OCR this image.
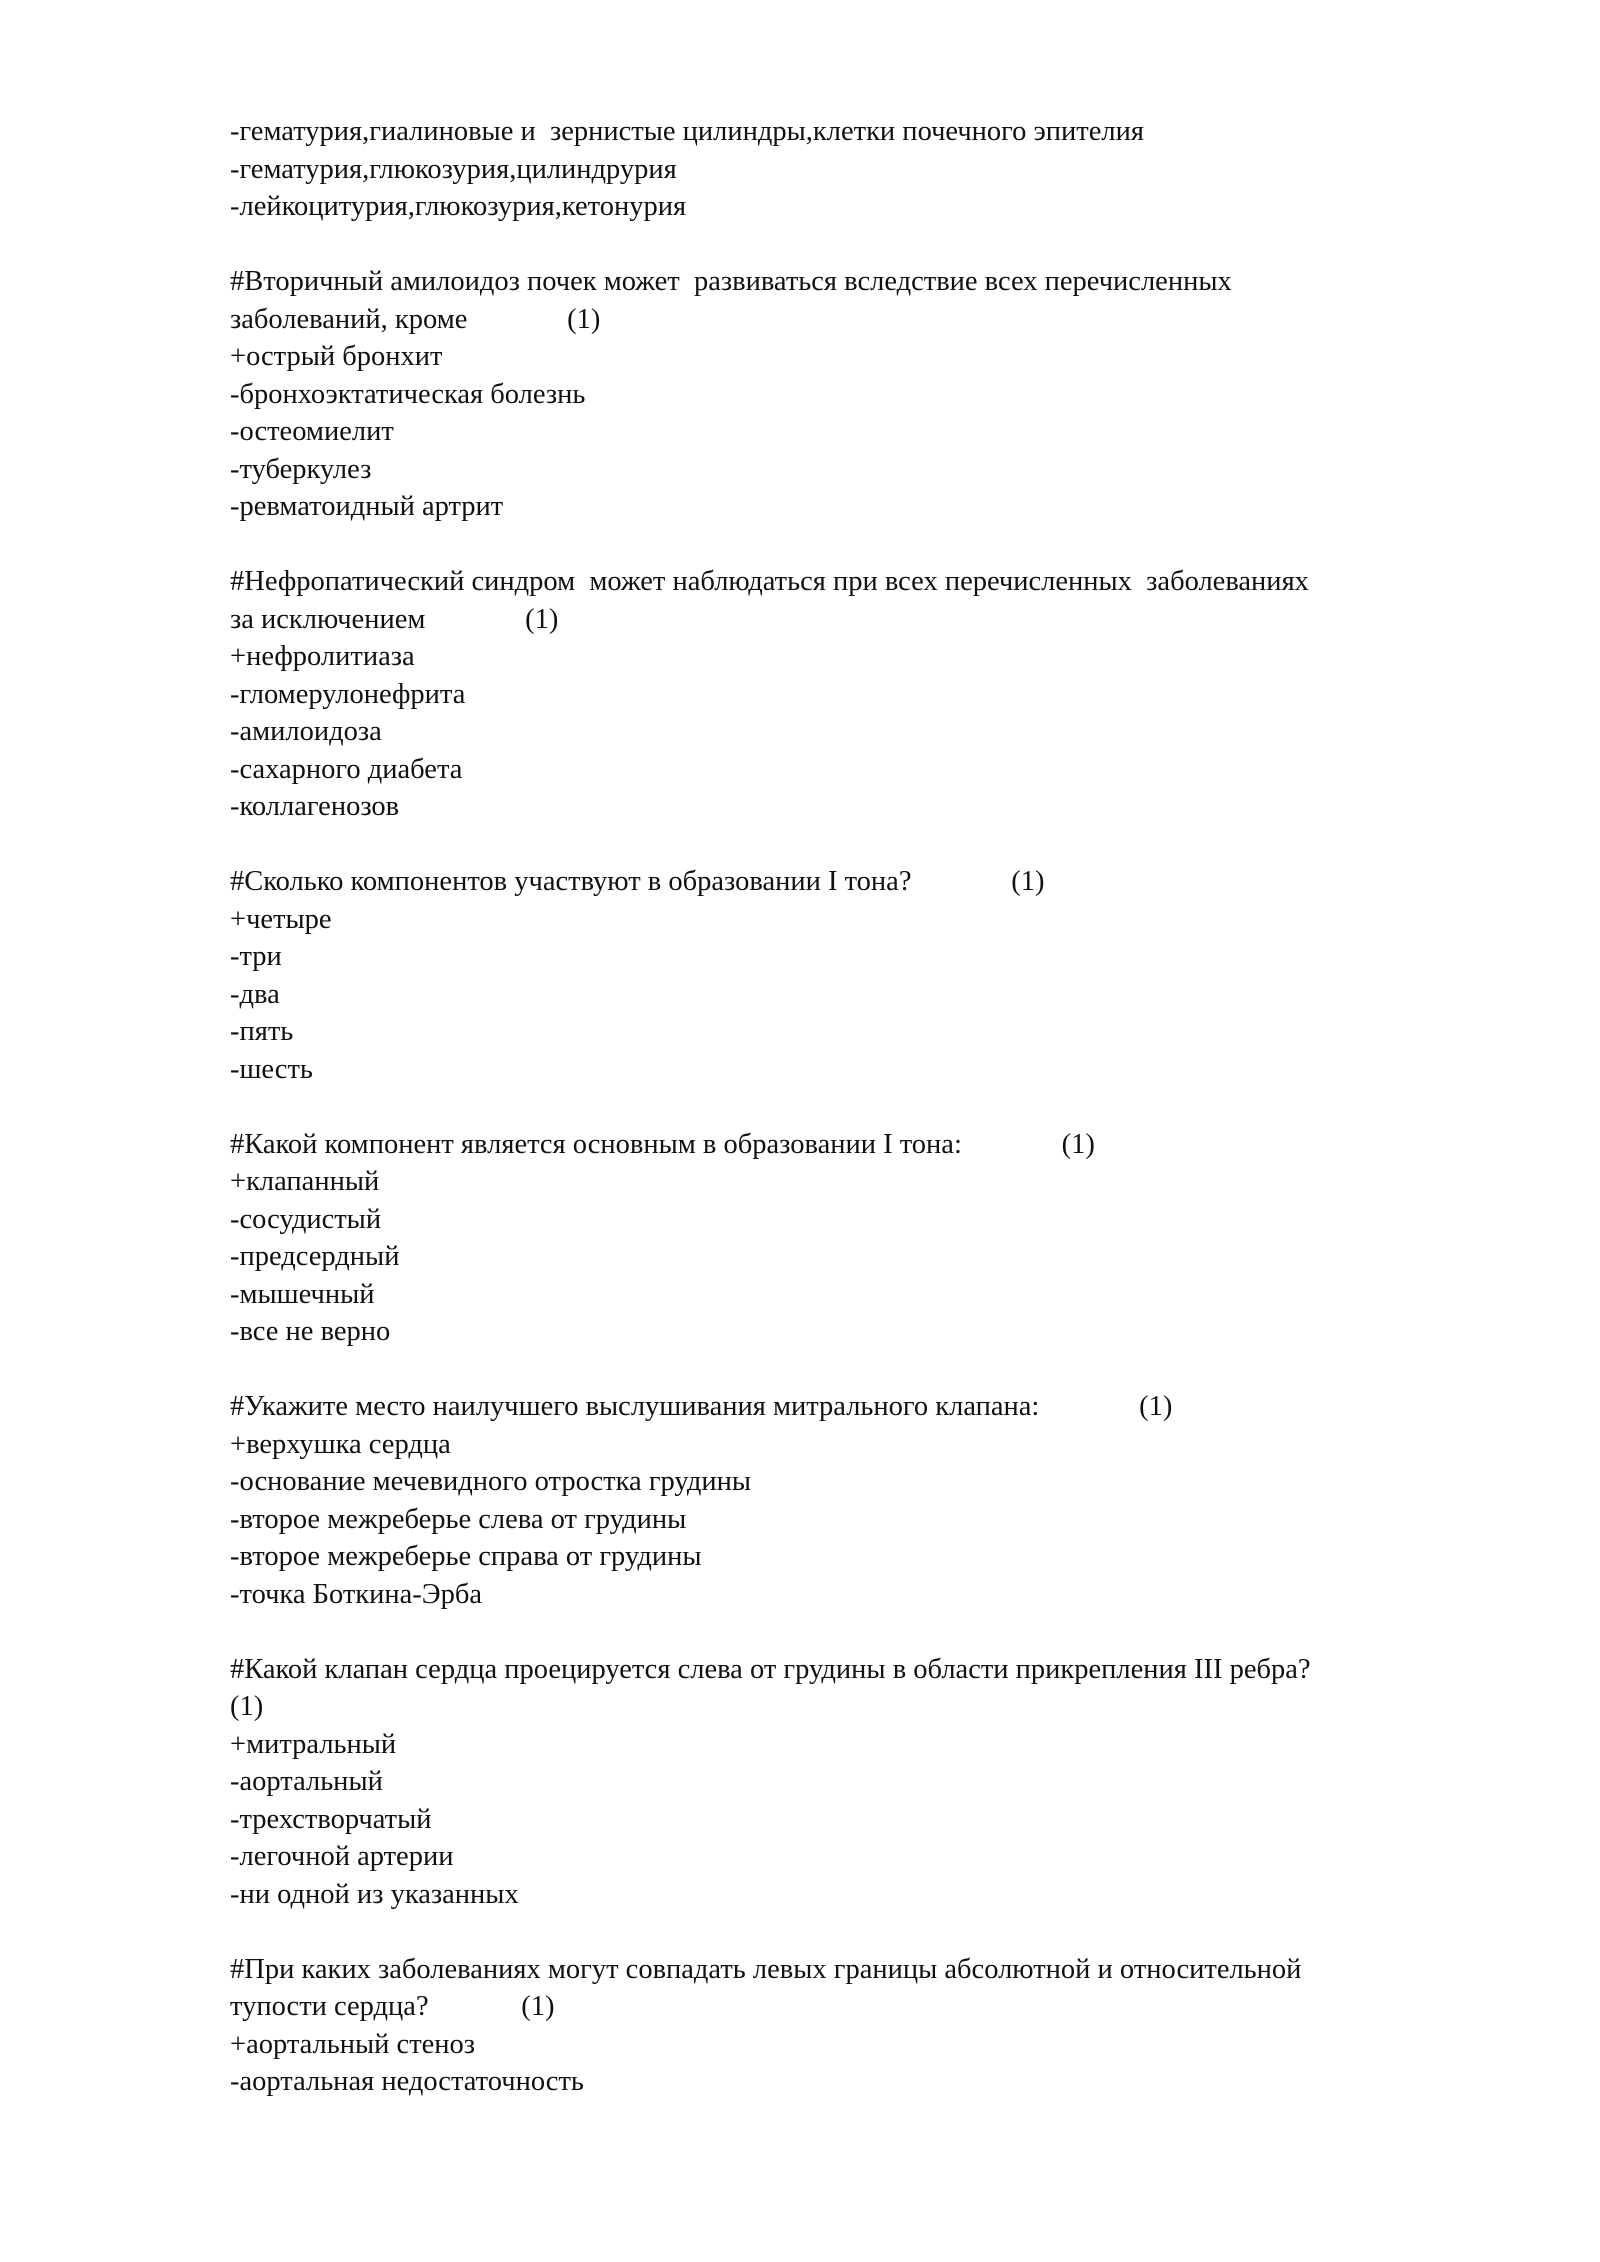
-гематурия,гиалиновые и  зернистые цилиндры,клетки почечного эпителия
-гематурия,глюкозурия,цилиндрурия
-лейкоцитурия,глюкозурия,кетонурия
#Вторичный амилоидоз почек может  развиваться вследствие всех перечисленных
заболеваний, кроме              (1)
+острый бронхит
-бронхоэктатическая болезнь
-остеомиелит
-туберкулез
-ревматоидный артрит
#Нефропатический синдром  может наблюдаться при всех перечисленных  заболеваниях
за исключением              (1)
+нефролитиаза
-гломерулонефрита
-амилоидоза
-сахарного диабета
-коллагенозов
#Сколько компонентов участвуют в образовании I тона?              (1)
+четыре
-три
-два
-пять
-шесть
#Какой компонент является основным в образовании I тона:              (1)
+клапанный
-сосудистый
-предсердный
-мышечный
-все не верно
#Укажите место наилучшего выслушивания митрального клапана:              (1)
+верхушка сердца
-основание мечевидного отростка грудины
-второе межреберье слева от грудины
-второе межреберье справа от грудины
-точка Боткина-Эрба
#Какой клапан сердца проецируется слева от грудины в области прикрепления III ребра?
(1)
+митральный
-аортальный
-трехстворчатый
-легочной артерии
-ни одной из указанных
#При каких заболеваниях могут совпадать левых границы абсолютной и относительной
тупости сердца?             (1)
+аортальный стеноз
-аортальная недостаточность
